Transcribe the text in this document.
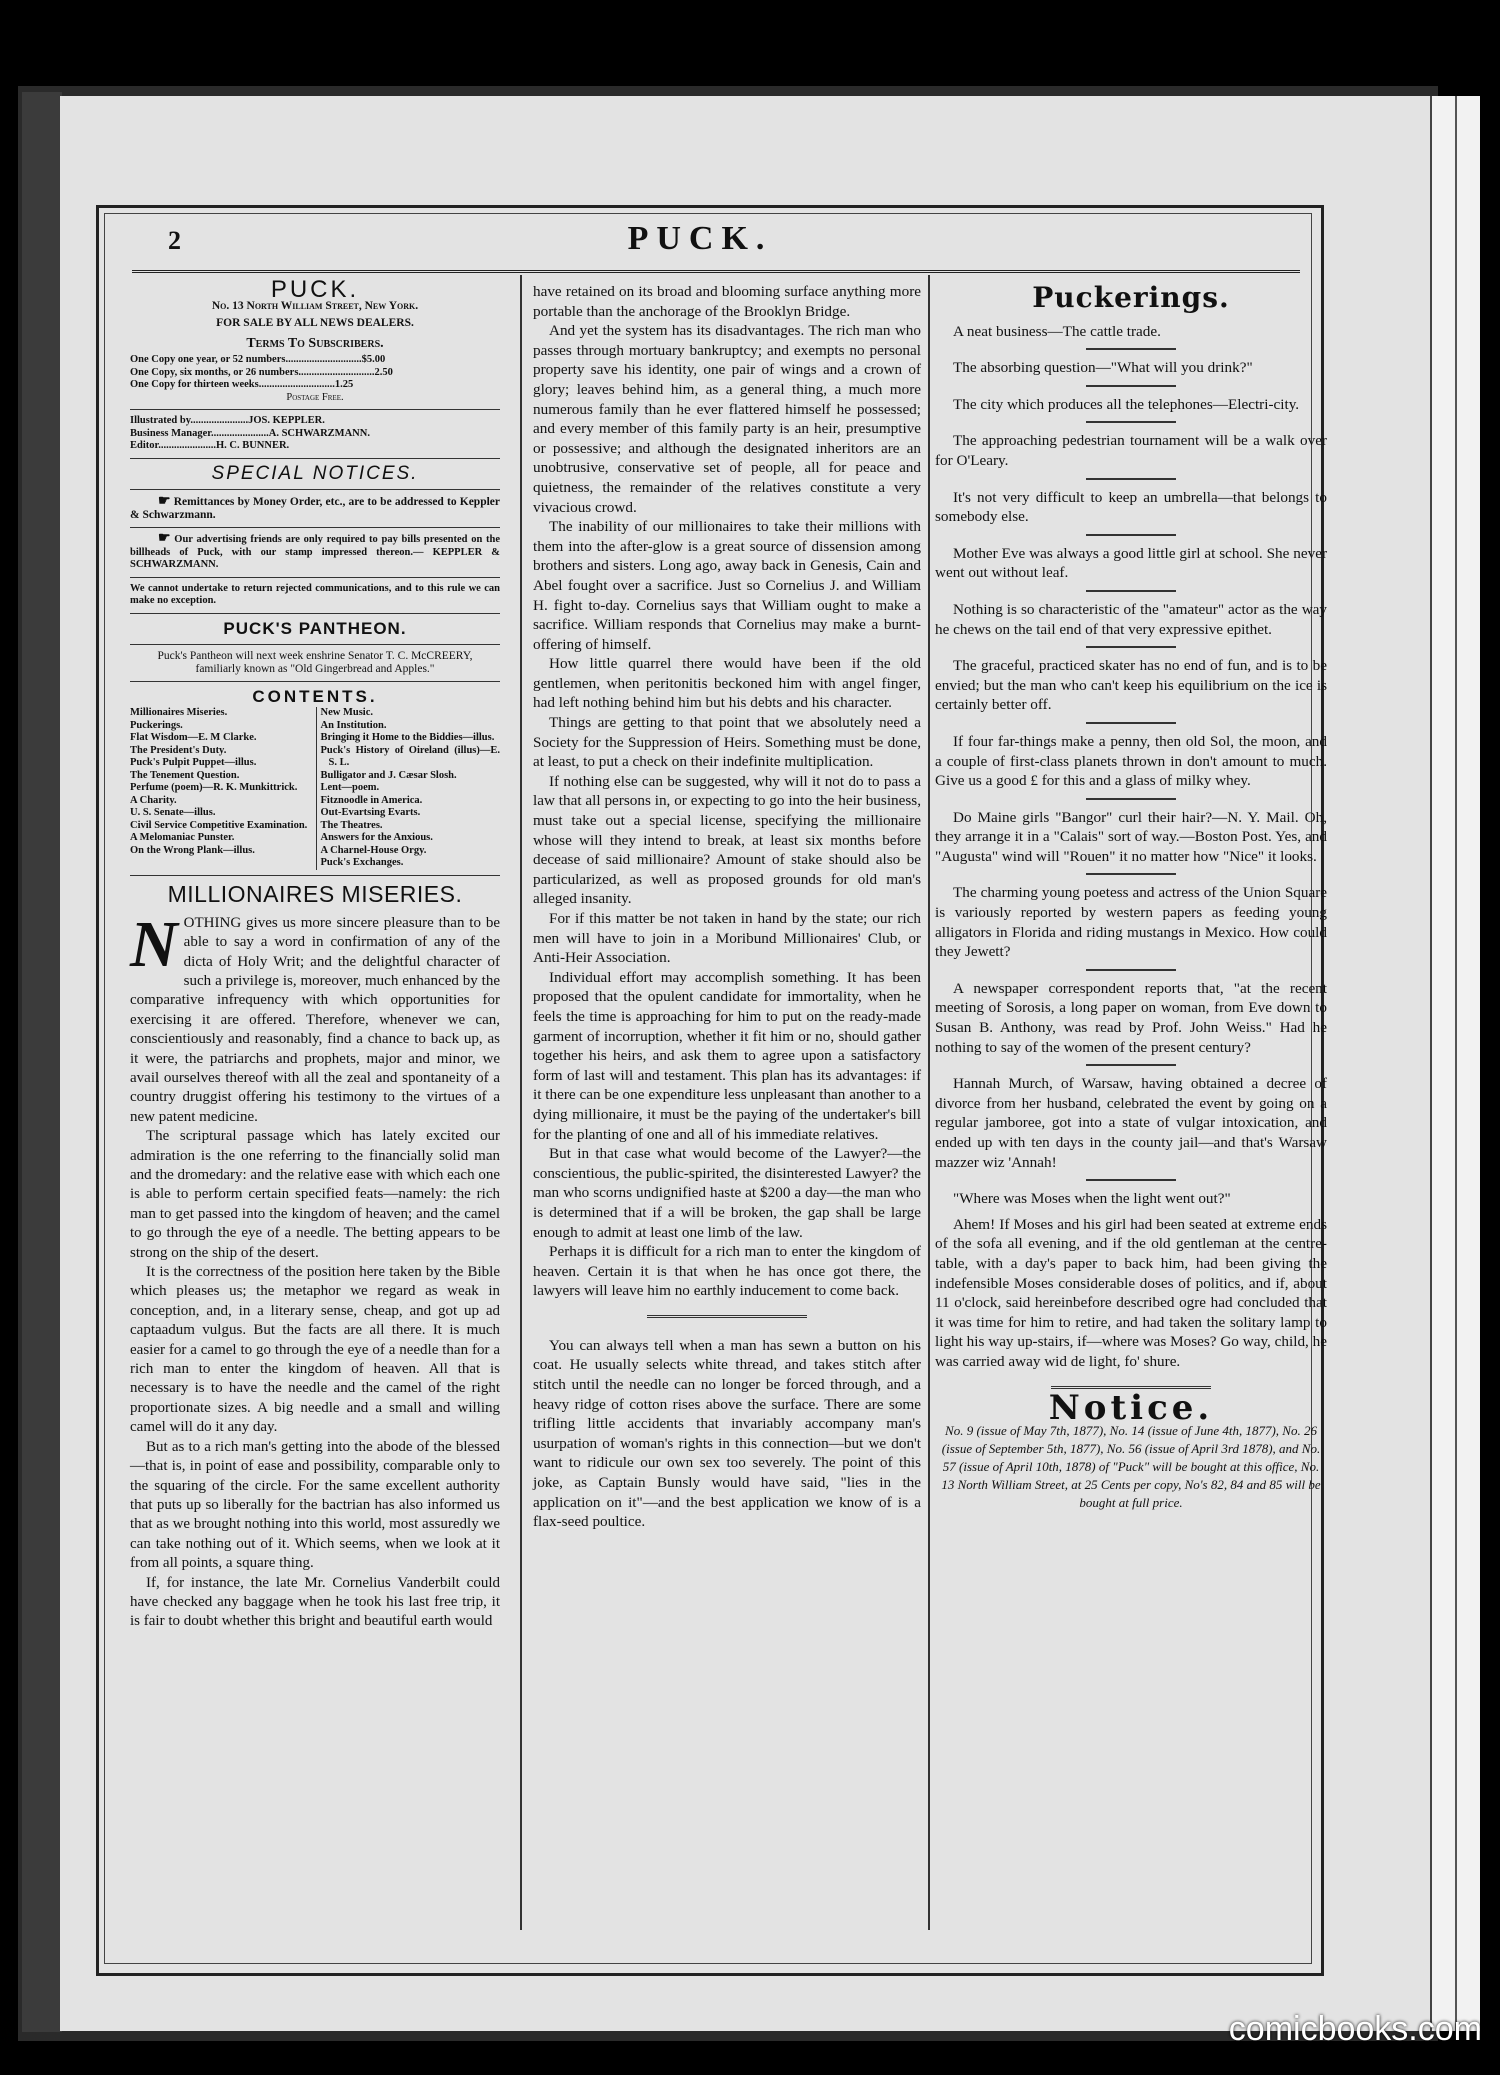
2	PUCK.
PUCK.
No. 13 North William Street, New York.
FOR SALE BY ALL NEWS DEALERS.
Terms To Subscribers.
One Copy one year, or 52 numbers.............................$5.00
One Copy, six months, or 26 numbers.............................2.50
One Copy for thirteen weeks.............................1.25
Postage Free.
Illustrated by......................JOS. KEPPLER.
Business Manager......................A. SCHWARZMANN.
Editor......................H. C. BUNNER.
SPECIAL NOTICES.
☛ Remittances by Money Order, etc., are to be addressed to Keppler & Schwarzmann.
☛ Our advertising friends are only required to pay bills presented on the billheads of Puck, with our stamp impressed thereon.— KEPPLER & SCHWARZMANN.
We cannot undertake to return rejected communications, and to this rule we can make no exception.
PUCK'S PANTHEON.
Puck's Pantheon will next week enshrine Senator T. C. McCREERY, familiarly known as "Old Gingerbread and Apples."
CONTENTS.

Millionaires Miseries.

Puckerings.

Flat Wisdom—E. M Clarke.

The President's Duty.

Puck's Pulpit Puppet—illus.

The Tenement Question.

Perfume (poem)—R. K. Munkittrick.

A Charity.

U. S. Senate—illus.

Civil Service Competitive Examination.

A Melomaniac Punster.

On the Wrong Plank—illus.

New Music.

An Institution.

Bringing it Home to the Biddies—illus.

Puck's History of Oireland (illus)—E. S. L.

Bulligator and J. Cæsar Slosh.

Lent—poem.

Fitznoodle in America.

Out-Evartsing Evarts.

The Theatres.

Answers for the Anxious.

A Charnel-House Orgy.

Puck's Exchanges.

MILLIONAIRES MISERIES.

NOTHING gives us more sincere pleasure than to be able to say a word in confirmation of any of the dicta of Holy Writ; and the delightful character of such a privilege is, moreover, much enhanced by the comparative infrequency with which opportunities for exercising it are offered. Therefore, whenever we can, conscientiously and reasonably, find a chance to back up, as it were, the patriarchs and prophets, major and minor, we avail ourselves thereof with all the zeal and spontaneity of a country druggist offering his testimony to the virtues of a new patent medicine.

The scriptural passage which has lately excited our admiration is the one referring to the financially solid man and the dromedary: and the relative ease with which each one is able to perform certain specified feats—namely: the rich man to get passed into the kingdom of heaven; and the camel to go through the eye of a needle. The betting appears to be strong on the ship of the desert.

It is the correctness of the position here taken by the Bible which pleases us; the metaphor we regard as weak in conception, and, in a literary sense, cheap, and got up ad captaadum vulgus. But the facts are all there. It is much easier for a camel to go through the eye of a needle than for a rich man to enter the kingdom of heaven. All that is necessary is to have the needle and the camel of the right proportionate sizes. A big needle and a small and willing camel will do it any day.

But as to a rich man's getting into the abode of the blessed—that is, in point of ease and possibility, comparable only to the squaring of the circle. For the same excellent authority that puts up so liberally for the bactrian has also informed us that as we brought nothing into this world, most assuredly we can take nothing out of it. Which seems, when we look at it from all points, a square thing.

If, for instance, the late Mr. Cornelius Vanderbilt could have checked any baggage when he took his last free trip, it is fair to doubt whether this bright and beautiful earth would

have retained on its broad and blooming surface anything more portable than the anchorage of the Brooklyn Bridge.

And yet the system has its disadvantages. The rich man who passes through mortuary bankruptcy; and exempts no personal property save his identity, one pair of wings and a crown of glory; leaves behind him, as a general thing, a much more numerous family than he ever flattered himself he possessed; and every member of this family party is an heir, presumptive or possessive; and although the designated inheritors are an unobtrusive, conservative set of people, all for peace and quietness, the remainder of the relatives constitute a very vivacious crowd.

The inability of our millionaires to take their millions with them into the after-glow is a great source of dissension among brothers and sisters. Long ago, away back in Genesis, Cain and Abel fought over a sacrifice. Just so Cornelius J. and William H. fight to-day. Cornelius says that William ought to make a sacrifice. William responds that Cornelius may make a burnt-offering of himself.

How little quarrel there would have been if the old gentlemen, when peritonitis beckoned him with angel finger, had left nothing behind him but his debts and his character.

Things are getting to that point that we absolutely need a Society for the Suppression of Heirs. Something must be done, at least, to put a check on their indefinite multiplication.

If nothing else can be suggested, why will it not do to pass a law that all persons in, or expecting to go into the heir business, must take out a special license, specifying the millionaire whose will they intend to break, at least six months before decease of said millionaire? Amount of stake should also be particularized, as well as proposed grounds for old man's alleged insanity.

For if this matter be not taken in hand by the state; our rich men will have to join in a Moribund Millionaires' Club, or Anti-Heir Association.

Individual effort may accomplish something. It has been proposed that the opulent candidate for immortality, when he feels the time is approaching for him to put on the ready-made garment of incorruption, whether it fit him or no, should gather together his heirs, and ask them to agree upon a satisfactory form of last will and testament. This plan has its advantages: if it there can be one expenditure less unpleasant than another to a dying millionaire, it must be the paying of the undertaker's bill for the planting of one and all of his immediate relatives.

But in that case what would become of the Lawyer?—the conscientious, the public-spirited, the disinterested Lawyer? the man who scorns undignified haste at $200 a day—the man who is determined that if a will be broken, the gap shall be large enough to admit at least one limb of the law.

Perhaps it is difficult for a rich man to enter the kingdom of heaven. Certain it is that when he has once got there, the lawyers will leave him no earthly inducement to come back.

You can always tell when a man has sewn a button on his coat. He usually selects white thread, and takes stitch after stitch until the needle can no longer be forced through, and a heavy ridge of cotton rises above the surface. There are some trifling little accidents that invariably accompany man's usurpation of woman's rights in this connection—but we don't want to ridicule our own sex too severely. The point of this joke, as Captain Bunsly would have said, "lies in the application on it"—and the best application we know of is a flax-seed poultice.

Puckerings.

A neat business—The cattle trade.

The absorbing question—"What will you drink?"

The city which produces all the telephones—Electri-city.

The approaching pedestrian tournament will be a walk over for O'Leary.

It's not very difficult to keep an umbrella—that belongs to somebody else.

Mother Eve was always a good little girl at school. She never went out without leaf.

Nothing is so characteristic of the "amateur" actor as the way he chews on the tail end of that very expressive epithet.

The graceful, practiced skater has no end of fun, and is to be envied; but the man who can't keep his equilibrium on the ice is certainly better off.

If four far-things make a penny, then old Sol, the moon, and a couple of first-class planets thrown in don't amount to much. Give us a good £ for this and a glass of milky whey.

Do Maine girls "Bangor" curl their hair?—N. Y. Mail. Oh, they arrange it in a "Calais" sort of way.—Boston Post. Yes, and "Augusta" wind will "Rouen" it no matter how "Nice" it looks.

The charming young poetess and actress of the Union Square is variously reported by western papers as feeding young alligators in Florida and riding mustangs in Mexico. How could they Jewett?

A newspaper correspondent reports that, "at the recent meeting of Sorosis, a long paper on woman, from Eve down to Susan B. Anthony, was read by Prof. John Weiss." Had he nothing to say of the women of the present century?

Hannah Murch, of Warsaw, having obtained a decree of divorce from her husband, celebrated the event by going on a regular jamboree, got into a state of vulgar intoxication, and ended up with ten days in the county jail—and that's Warsaw mazzer wiz 'Annah!

"Where was Moses when the light went out?"

Ahem! If Moses and his girl had been seated at extreme ends of the sofa all evening, and if the old gentleman at the centre-table, with a day's paper to back him, had been giving the indefensible Moses considerable doses of politics, and if, about 11 o'clock, said hereinbefore described ogre had concluded that it was time for him to retire, and had taken the solitary lamp to light his way up-stairs, if—where was Moses? Go way, child, he was carried away wid de light, fo' shure.

Notice.
No. 9 (issue of May 7th, 1877), No. 14 (issue of June 4th, 1877), No. 26 (issue of September 5th, 1877), No. 56 (issue of April 3rd 1878), and No. 57 (issue of April 10th, 1878) of "Puck" will be bought at this office, No. 13 North William Street, at 25 Cents per copy, No's 82, 84 and 85 will be bought at full price.
comicbooks.com
